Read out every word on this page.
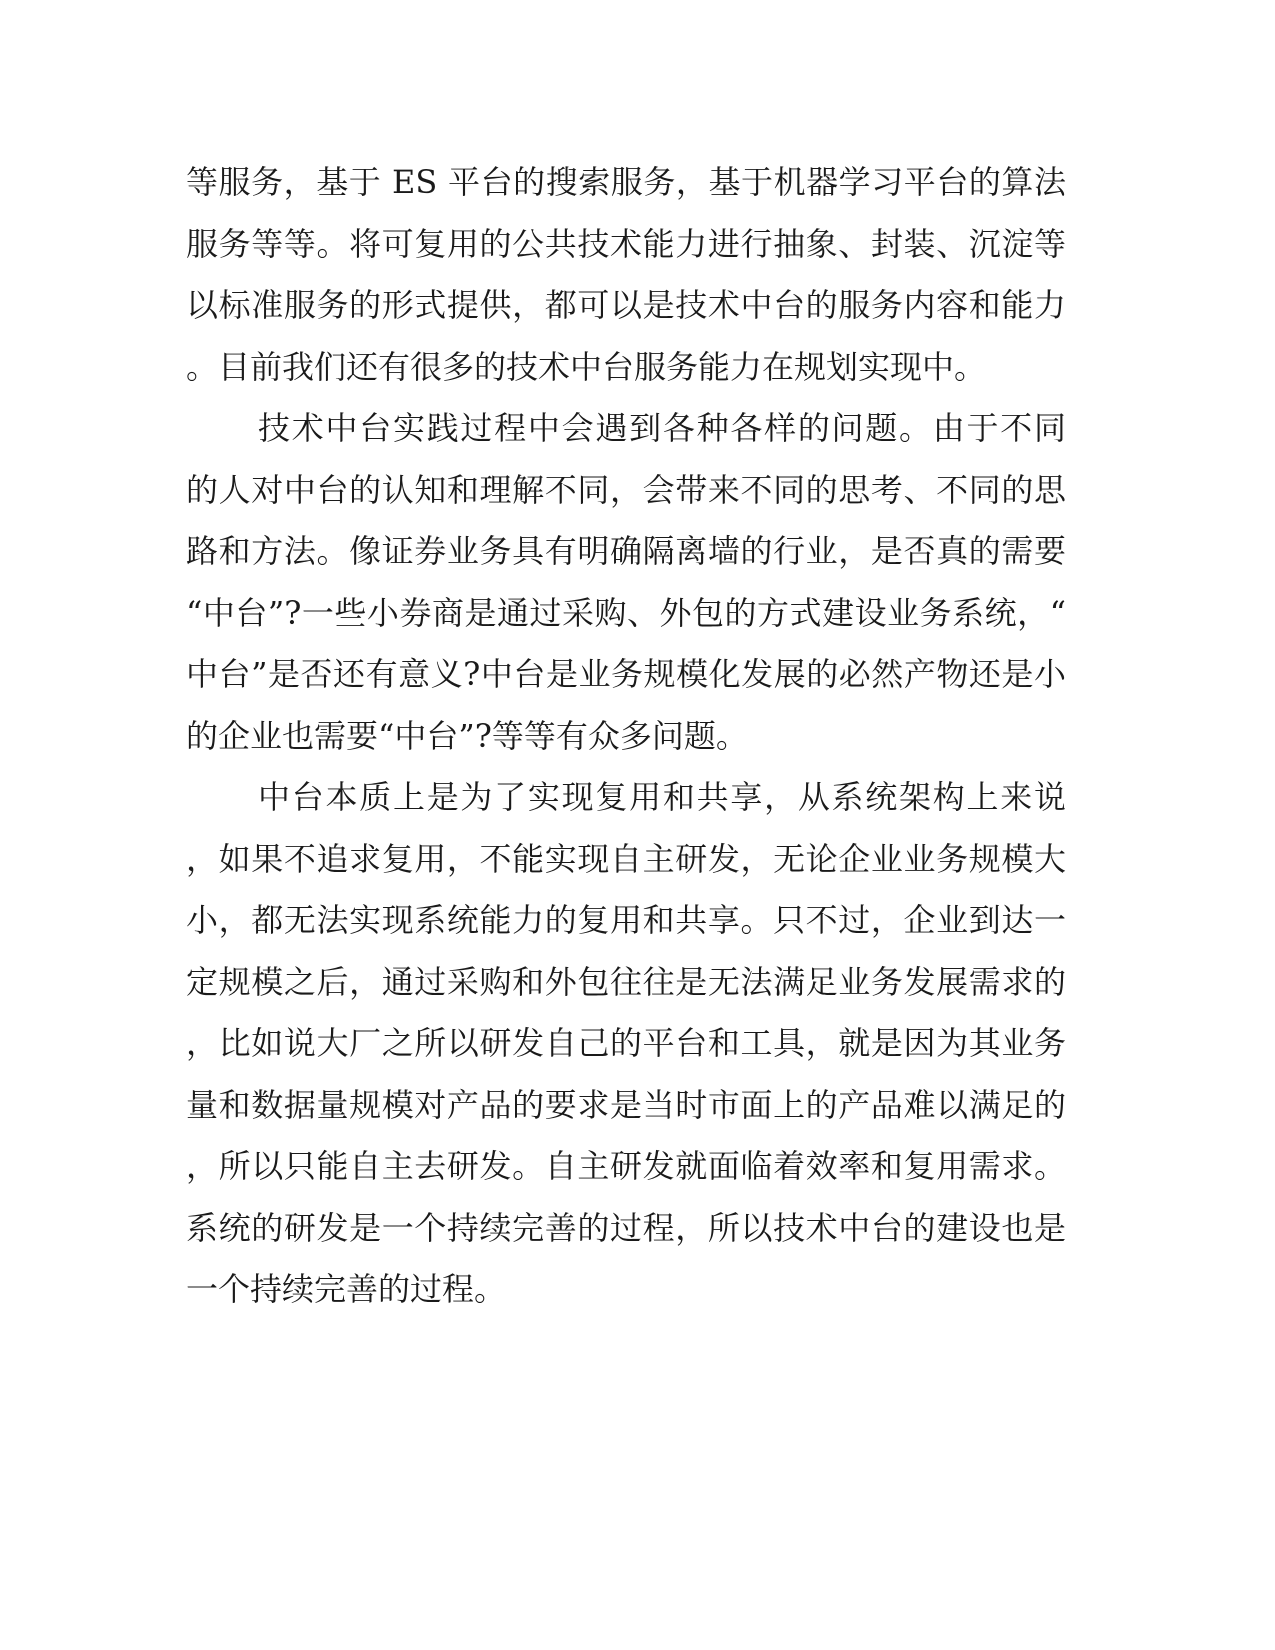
等服务，基于 ES 平台的搜索服务，基于机器学习平台的算法
服务等等。将可复用的公共技术能力进行抽象、封装、沉淀等
以标准服务的形式提供，都可以是技术中台的服务内容和能力
。目前我们还有很多的技术中台服务能力在规划实现中。
技术中台实践过程中会遇到各种各样的问题。由于不同
的人对中台的认知和理解不同，会带来不同的思考、不同的思
路和方法。像证券业务具有明确隔离墙的行业，是否真的需要
“中台”?一些小券商是通过采购、外包的方式建设业务系统，“
中台”是否还有意义?中台是业务规模化发展的必然产物还是小
的企业也需要“中台”?等等有众多问题。
中台本质上是为了实现复用和共享，从系统架构上来说
，如果不追求复用，不能实现自主研发，无论企业业务规模大
小，都无法实现系统能力的复用和共享。只不过，企业到达一
定规模之后，通过采购和外包往往是无法满足业务发展需求的
，比如说大厂之所以研发自己的平台和工具，就是因为其业务
量和数据量规模对产品的要求是当时市面上的产品难以满足的
，所以只能自主去研发。自主研发就面临着效率和复用需求。
系统的研发是一个持续完善的过程，所以技术中台的建设也是
一个持续完善的过程。
